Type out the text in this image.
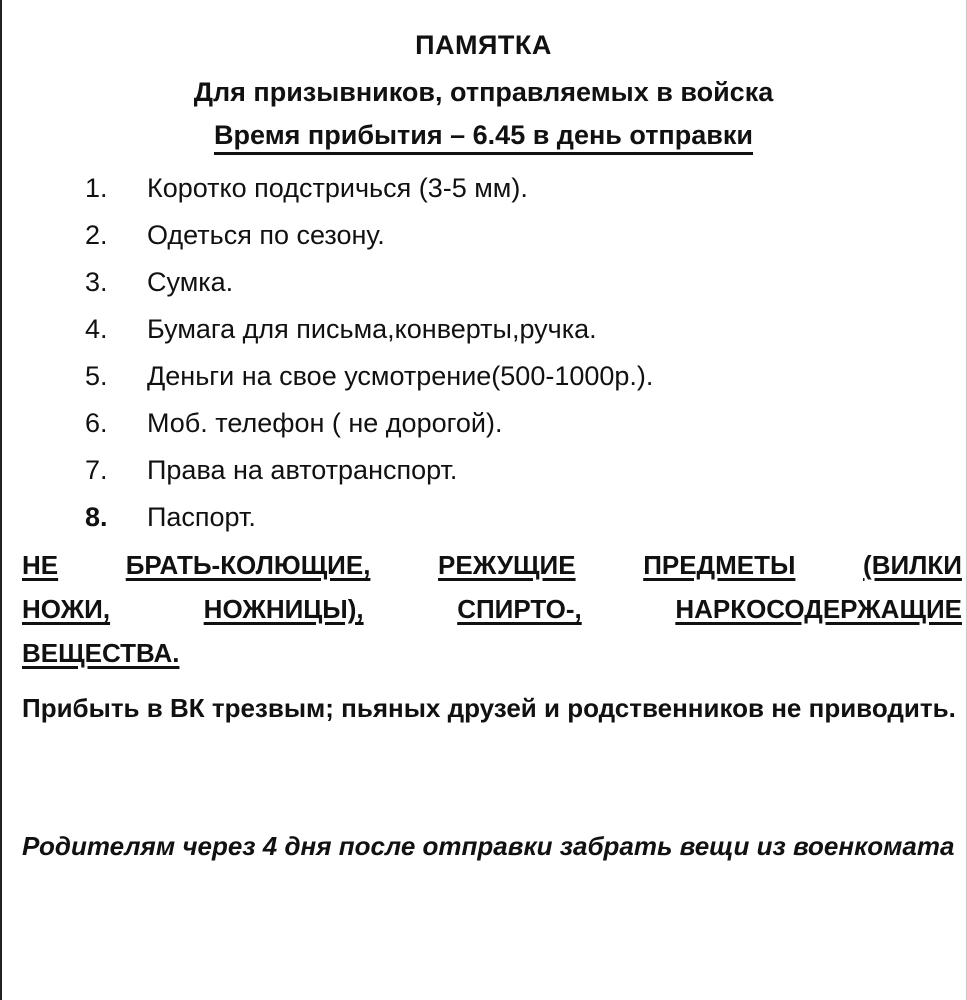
ПАМЯТКА
Для призывников, отправляемых в войска
Время прибытия – 6.45 в день отправки
1. Коротко подстричься (3-5 мм).
2. Одеться по сезону.
3. Сумка.
4. Бумага для письма,конверты,ручка.
5. Деньги на свое усмотрение(500-1000р.).
6. Моб. телефон ( не дорогой).
7. Права на автотранспорт.
8. Паспорт.
НЕ	БРАТЬ-КОЛЮЩИЕ,	РЕЖУЩИЕ	ПРЕДМЕТЫ	(ВИЛКИ
НОЖИ,	НОЖНИЦЫ),	СПИРТО-,	НАРКОСОДЕРЖАЩИЕ
ВЕЩЕСТВА.
Прибыть в ВК трезвым; пьяных друзей и родственников не приводить.
Родителям через 4 дня после отправки забрать вещи из военкомата
